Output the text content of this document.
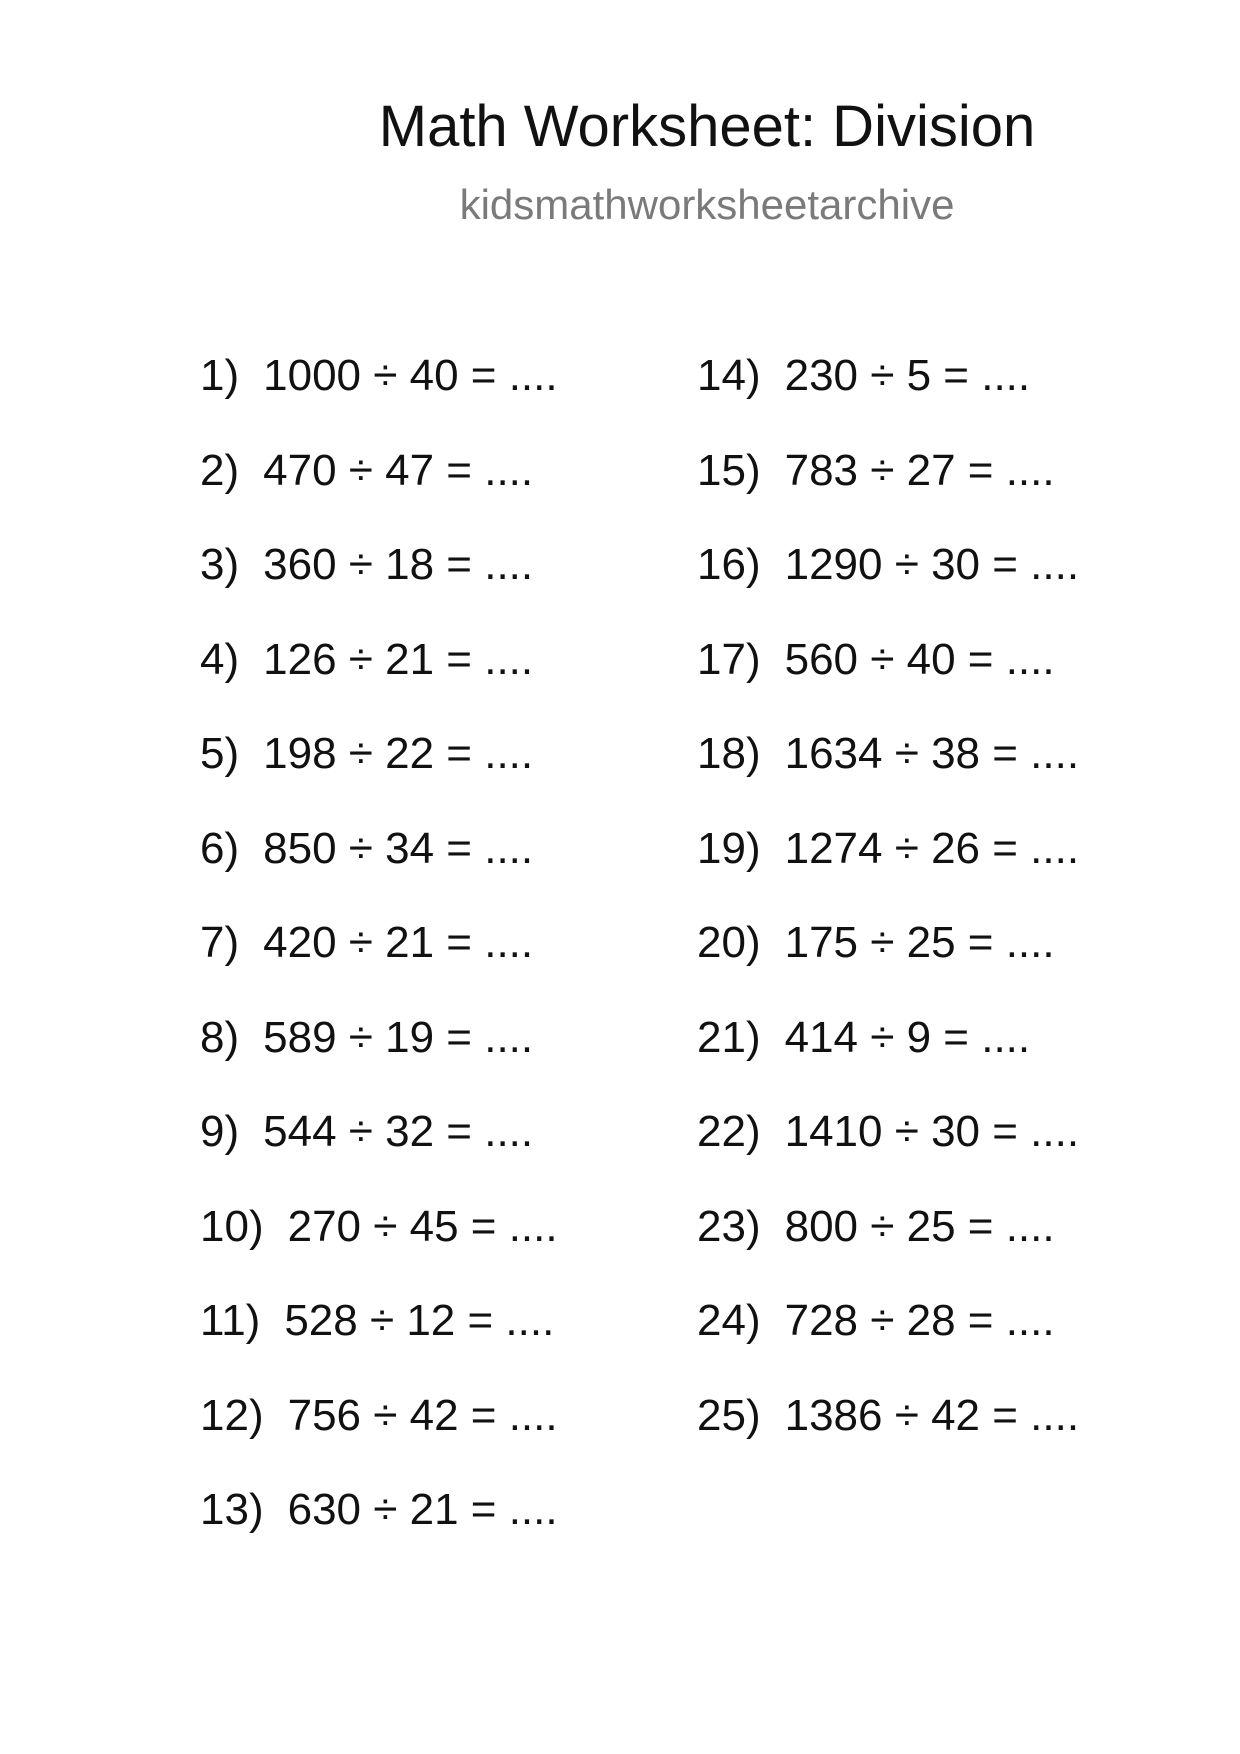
Math Worksheet: Division
kidsmathworksheetarchive
1) 1000 ÷ 40 = ....
2) 470 ÷ 47 = ....
3) 360 ÷ 18 = ....
4) 126 ÷ 21 = ....
5) 198 ÷ 22 = ....
6) 850 ÷ 34 = ....
7) 420 ÷ 21 = ....
8) 589 ÷ 19 = ....
9) 544 ÷ 32 = ....
10) 270 ÷ 45 = ....
11) 528 ÷ 12 = ....
12) 756 ÷ 42 = ....
13) 630 ÷ 21 = ....
14) 230 ÷ 5 = ....
15) 783 ÷ 27 = ....
16) 1290 ÷ 30 = ....
17) 560 ÷ 40 = ....
18) 1634 ÷ 38 = ....
19) 1274 ÷ 26 = ....
20) 175 ÷ 25 = ....
21) 414 ÷ 9 = ....
22) 1410 ÷ 30 = ....
23) 800 ÷ 25 = ....
24) 728 ÷ 28 = ....
25) 1386 ÷ 42 = ....
